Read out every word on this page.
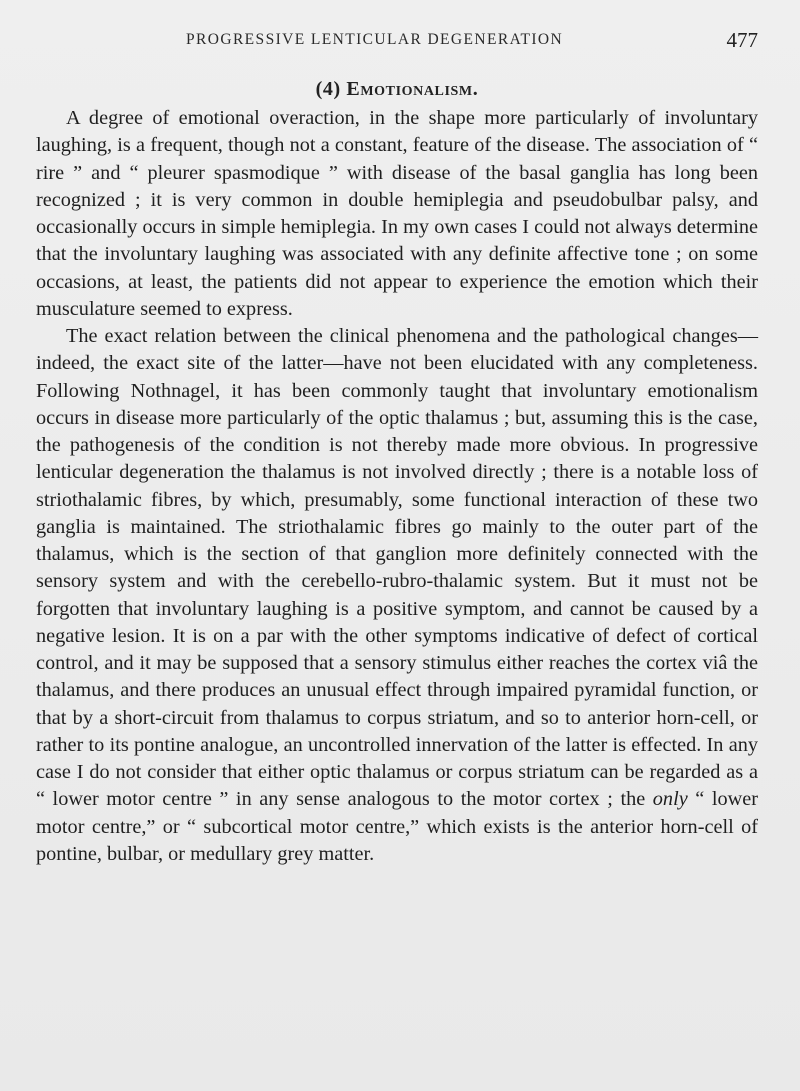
PROGRESSIVE LENTICULAR DEGENERATION	477
(4) Emotionalism.

A degree of emotional overaction, in the shape more particularly of involuntary laughing, is a frequent, though not a constant, feature of the disease. The association of “ rire ” and “ pleurer spasmodique ” with disease of the basal ganglia has long been recognized ; it is very common in double hemiplegia and pseudobulbar palsy, and occasionally occurs in simple hemiplegia. In my own cases I could not always determine that the involuntary laughing was associated with any definite affective tone ; on some occasions, at least, the patients did not appear to experience the emotion which their musculature seemed to express.

The exact relation between the clinical phenomena and the pathological changes—indeed, the exact site of the latter—have not been elucidated with any completeness. Following Nothnagel, it has been commonly taught that involuntary emotionalism occurs in disease more particularly of the optic thalamus ; but, assuming this is the case, the pathogenesis of the condition is not thereby made more obvious. In progressive lenticular degeneration the thalamus is not involved directly ; there is a notable loss of striothalamic fibres, by which, presumably, some functional interaction of these two ganglia is maintained. The striothalamic fibres go mainly to the outer part of the thalamus, which is the section of that ganglion more definitely connected with the sensory system and with the cerebello-rubro-thalamic system. But it must not be forgotten that involuntary laughing is a positive symptom, and cannot be caused by a negative lesion. It is on a par with the other symptoms indicative of defect of cortical control, and it may be supposed that a sensory stimulus either reaches the cortex viâ the thalamus, and there produces an unusual effect through impaired pyramidal function, or that by a short-circuit from thalamus to corpus striatum, and so to anterior horn-cell, or rather to its pontine analogue, an uncontrolled innervation of the latter is effected. In any case I do not consider that either optic thalamus or corpus striatum can be regarded as a “ lower motor centre ” in any sense analogous to the motor cortex ; the only “ lower motor centre,” or “ subcortical motor centre,” which exists is the anterior horn-cell of pontine, bulbar, or medullary grey matter.
